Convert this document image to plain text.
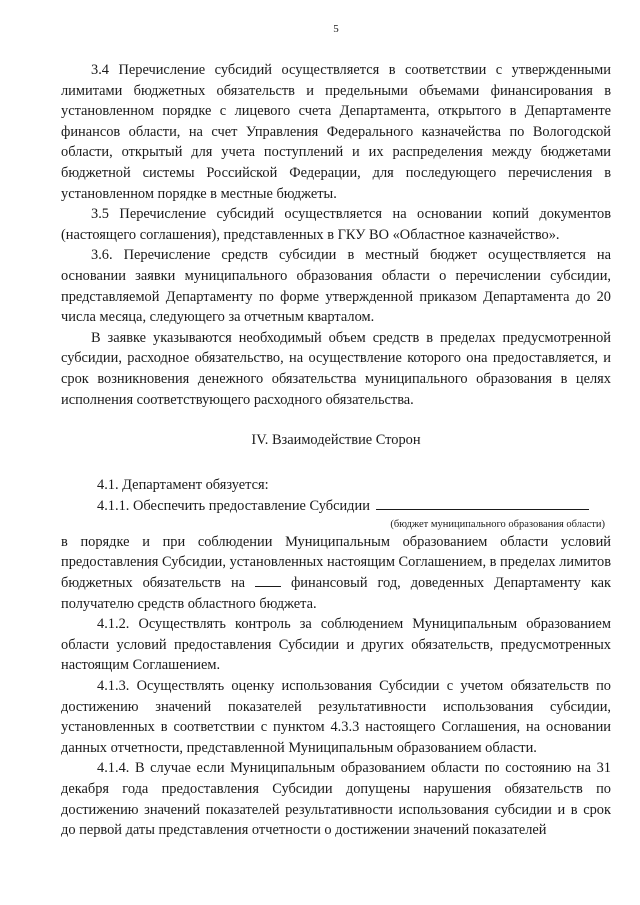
5

3.4 Перечисление субсидий осуществляется в соответствии с утвержденными лимитами бюджетных обязательств и предельными объемами финансирования в установленном порядке с лицевого счета Департамента, открытого в Департаменте финансов области, на счет Управления Федерального казначейства по Вологодской области, открытый для учета поступлений и их распределения между бюджетами бюджетной системы Российской Федерации, для последующего перечисления в установленном порядке в местные бюджеты.

3.5 Перечисление субсидий осуществляется на основании копий документов (настоящего соглашения), представленных в ГКУ ВО «Областное казначейство».

3.6. Перечисление средств субсидии в местный бюджет осуществляется на основании заявки муниципального образования области о перечислении субсидии, представляемой Департаменту по форме утвержденной приказом Департамента до 20 числа месяца, следующего за отчетным кварталом.

В заявке указываются необходимый объем средств в пределах предусмотренной субсидии, расходное обязательство, на осуществление которого она предоставляется, и срок возникновения денежного обязательства муниципального образования в целях исполнения соответствующего расходного обязательства.

IV. Взаимодействие Сторон

4.1. Департамент обязуется:

4.1.1. Обеспечить предоставление Субсидии

(бюджет муниципального образования области)

в порядке и при соблюдении Муниципальным образованием области условий предоставления Субсидии, установленных настоящим Соглашением, в пределах лимитов бюджетных обязательств на	финансовый год, доведенных Департаменту как получателю средств областного бюджета.

4.1.2. Осуществлять контроль за соблюдением Муниципальным образованием области условий предоставления Субсидии и других обязательств, предусмотренных настоящим Соглашением.

4.1.3. Осуществлять оценку использования Субсидии с учетом обязательств по достижению значений показателей результативности использования субсидии, установленных в соответствии с пунктом 4.3.3 настоящего Соглашения, на основании данных отчетности, представленной Муниципальным образованием области.

4.1.4. В случае если Муниципальным образованием области по состоянию на 31 декабря года предоставления Субсидии допущены нарушения обязательств по достижению значений показателей результативности использования субсидии и в срок до первой даты представления отчетности о достижении значений показателей
